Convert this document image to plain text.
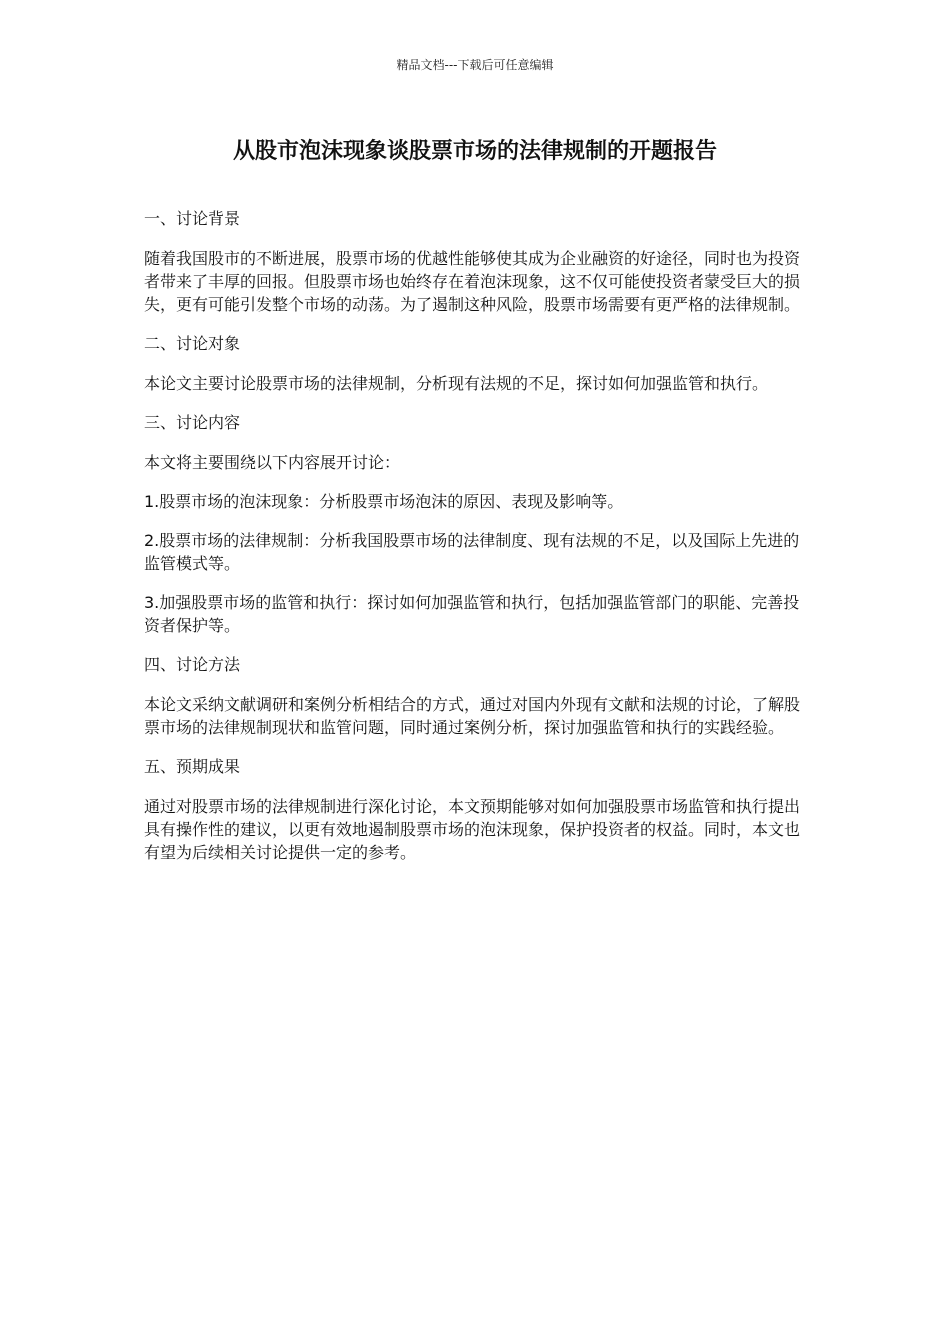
精品文档---下载后可任意编辑
从股市泡沫现象谈股票市场的法律规制的开题报告

一、讨论背景

随着我国股市的不断进展，股票市场的优越性能够使其成为企业融资的好途径，同时也为投资者带来了丰厚的回报。但股票市场也始终存在着泡沫现象，这不仅可能使投资者蒙受巨大的损失，更有可能引发整个市场的动荡。为了遏制这种风险，股票市场需要有更严格的法律规制。

二、讨论对象

本论文主要讨论股票市场的法律规制，分析现有法规的不足，探讨如何加强监管和执行。

三、讨论内容

本文将主要围绕以下内容展开讨论：

1.股票市场的泡沫现象：分析股票市场泡沫的原因、表现及影响等。

2.股票市场的法律规制：分析我国股票市场的法律制度、现有法规的不足，以及国际上先进的监管模式等。

3.加强股票市场的监管和执行：探讨如何加强监管和执行，包括加强监管部门的职能、完善投资者保护等。

四、讨论方法

本论文采纳文献调研和案例分析相结合的方式，通过对国内外现有文献和法规的讨论，了解股票市场的法律规制现状和监管问题，同时通过案例分析，探讨加强监管和执行的实践经验。

五、预期成果

通过对股票市场的法律规制进行深化讨论，本文预期能够对如何加强股票市场监管和执行提出具有操作性的建议，以更有效地遏制股票市场的泡沫现象，保护投资者的权益。同时，本文也有望为后续相关讨论提供一定的参考。
